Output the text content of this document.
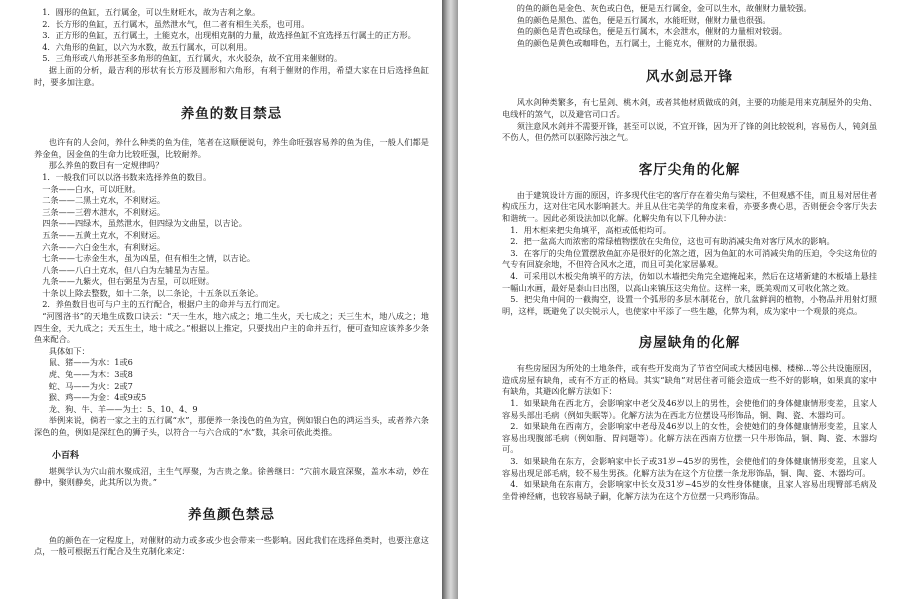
1．圆形的鱼缸，五行属金，可以生财旺水，故为吉利之象。

2．长方形的鱼缸，五行属木，虽然泄水气，但二者有相生关系，也可用。

3．正方形的鱼缸，五行属土，土能克水，出现相克制的力量，故选择鱼缸不宜选择五行属土的正方形。

4．六角形的鱼缸，以六为水数，故五行属水，可以利用。

5．三角形或八角形甚至多角形的鱼缸，五行属火，水火驳杂，故不宜用来催财的。

据上面的分析，最吉利的形状有长方形及圆形和六角形，有利于催财的作用，希望大家在日后选择鱼缸时，要多加注意。

养鱼的数目禁忌

也许有的人会问，养什么种类的鱼为佳，笔者在这顺便说句，养生命旺强容易养的鱼为佳，一般人们都是养金鱼，因金鱼的生命力比较旺强，比较耐养。

那么养鱼的数目有一定规律吗？

1．一般我们可以以洛书数来选择养鱼的数目。

一条——白水，可以旺财。

二条——二黑土克水，不利财运。

三条——三碧木泄水，不利财运。

四条——四绿木，虽然泄水，但四绿为文曲星，以吉论。

五条——五黄土克水，不利财运。

六条——六白金生水，有利财运。

七条——七赤金生水，虽为凶星，但有相生之情，以吉论。

八条——八白土克水，但八白为左辅星为吉星。

九条——九紫火，但右弼星为吉星，可以旺财。

十条以上除去整数，如十二条，以二条论，十五条以五条论。

2．养鱼数目也可与户主的五行配合，根据户主的命并与五行而定。

“河图洛书”的天地生成数口诀云：“天一生水，地六成之；地二生火，天七成之；天三生木，地八成之；地四生金，天九成之；天五生土，地十成之。”根据以上推定，只要找出户主的命并五行，便可查知应该养多少条鱼来配合。

具体如下：

鼠、猪——为水：1或6

虎、兔——为木：3或8

蛇、马——为火：2或7

猴、鸡——为金：4或9或5

龙、狗、牛、羊——为土：5、10、4、9

举例来说，倘若一家之主的五行属“水”，那便养一条浅色的鱼为宜，例如银白色的鸿运当头，或者养六条深色的鱼，例如是深红色的狮子头，以符合一与六合成的“水”数，其余可依此类推。

小百科

堪舆学认为穴山前水聚成沼，主生气厚聚，为吉贵之象。徐善继曰：“穴前水最宜深聚，盖水本动，妙在静中，聚则静矣，此其所以为贵。”

养鱼颜色禁忌

鱼的颜色在一定程度上，对催财的动力或多或少也会带来一些影响。因此我们在选择鱼类时，也要注意这点，一般可根据五行配合及生克制化来定：

的鱼的颜色是金色、灰色或白色，便是五行属金，金可以生水，故催财力量较强。

鱼的颜色是黑色、蓝色，便是五行属水，水能旺财，催财力量也很强。

鱼的颜色是青色或绿色，便是五行属木，木会泄水，催财的力量相对较弱。

鱼的颜色是黄色或咖啡色，五行属土，土能克水，催财的力量很弱。

风水剑忌开锋

风水剑种类繁多，有七星剑、桃木剑，或者其他材质做成的剑，主要的功能是用来克制屋外的尖角、电线杆的煞气，以及避官司口舌。

须注意风水剑并不需要开锋，甚至可以说，不宜开锋，因为开了锋的剑比较锐利，容易伤人，钝剑虽不伤人，但仍然可以驱除污浊之气。

客厅尖角的化解

由于建筑设计方面的原因，许多现代住宅的客厅存在着尖角与梁柱，不但观感不佳，而且易对居住者构成压力，这对住宅风水影响甚大。并且从住宅美学的角度来看，亦要多费心思，否则便会令客厅失去和谐统一。因此必须设法加以化解。化解尖角有以下几种办法：

1．用木柜来把尖角填平，高柜或低柜均可。

2．把一盆高大而浓密的常绿植物摆放在尖角位，这也可有助消减尖角对客厅风水的影响。

3．在客厅的尖角位置摆放鱼缸亦是很好的化煞之道，因为鱼缸的水可消减尖角的压迫，令尖这角位的气专有回旋余地，不但符合风水之道，而且可美化家居暴观。

4．可采用以木板尖角填平的方法，仿如以木墙把尖角完全遮掩起来，然后在这堵新建的木板墙上悬挂一幅山水画，最好是泰山日出图，以高山来镇压这尖角位。这样一来，既美观而又可收化煞之效。

5．把尖角中间的一截掏空，设置一个弧形的多层木制花台，放几盆鲜润的植物，小物品并用射灯照明，这样，既避免了以尖锐示人，也使家中平添了一些生趣，化弊为利，成为家中一个观景的亮点。

房屋缺角的化解

有些房屋因为所处的土地条件，或有些开发商为了节省空间或大楼因电梯、楼梯…等公共设施原因，造成房屋有缺角，或有不方正的格局。其实“缺角”对居住者可能会造成一些不好的影响，如果真的家中有缺角，其避凶化解方法如下：

1．如果缺角在西北方，会影响家中老父及46岁以上的男性，会使他们的身体健康情形变差，且家人容易头部出毛病（例如失眠等）。化解方法为在西北方位摆设马形饰品，铜、陶、瓷、木器均可。

2．如果缺角在西南方，会影响家中老母及46岁以上的女性，会使她们的身体健康情形变差，且家人容易出现腹部毛病（例如脂、胃问题等）。化解方法在西南方位摆一只牛形饰品，铜、陶、瓷、木器均可。

3．如果缺角在东方，会影响家中长子或31岁~45岁的男性，会使他们的身体健康情形变差，且家人容易出现足部毛病，较不易生男孩。化解方法为在这个方位摆一条龙形饰品，铜、陶、瓷、木器均可。

4．如果缺角在东南方，会影响家中长女及31岁~45岁的女性身体健康，且家人容易出现臀部毛病及坐骨神经痛，也较容易缺子嗣，化解方法为在这个方位摆一只鸡形饰品。
